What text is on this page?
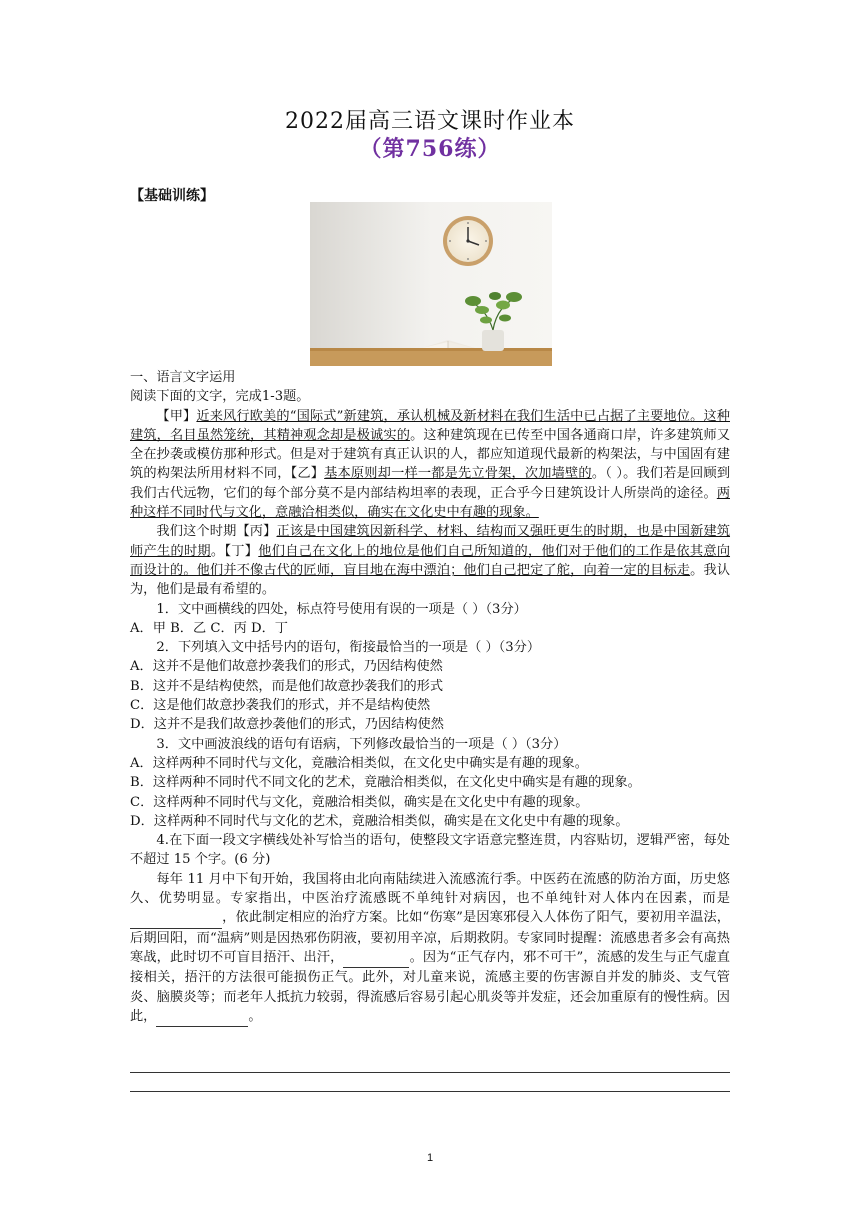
2022届高三语文课时作业本
（第756练）
【基础训练】

一、语言文字运用

阅读下面的文字，完成1-3题。

【甲】近来风行欧美的“国际式”新建筑，承认机械及新材料在我们生活中已占据了主要地位。这种建筑，名目虽然笼统，其精神观念却是极诚实的。这种建筑现在已传至中国各通商口岸，许多建筑师又全在抄袭或模仿那种形式。但是对于建筑有真正认识的人，都应知道现代最新的构架法，与中国固有建筑的构架法所用材料不同，【乙】基本原则却一样一都是先立骨架，次加墙壁的。（ ）。我们若是回顾到我们古代远物，它们的每个部分莫不是内部结构坦率的表现，正合乎今日建筑设计人所崇尚的途径。两种这样不同时代与文化，意融洽相类似，确实在文化史中有趣的现象。

我们这个时期【丙】正该是中国建筑因新科学、材料、结构而又强旺更生的时期，也是中国新建筑师产生的时期。【丁】他们自己在文化上的地位是他们自己所知道的，他们对于他们的工作是依其意向而设计的。他们并不像古代的匠师，盲目地在海中漂泊；他们自己把定了舵，向着一定的目标走。我认为，他们是最有希望的。

1．文中画横线的四处，标点符号使用有误的一项是（ ）（3分）

A．甲 B．乙 C．丙 D．丁

2．下列填入文中括号内的语句，衔接最恰当的一项是（ ）（3分）

A．这并不是他们故意抄袭我们的形式，乃因结构使然

B．这并不是结构使然，而是他们故意抄袭我们的形式

C．这是他们故意抄袭我们的形式，并不是结构使然

D．这并不是我们故意抄袭他们的形式，乃因结构使然

3．文中画波浪线的语句有语病，下列修改最恰当的一项是（ ）（3分）

A．这样两种不同时代与文化，竟融洽相类似，在文化史中确实是有趣的现象。

B．这样两种不同时代不同文化的艺术，竟融洽相类似，在文化史中确实是有趣的现象。

C．这样两种不同时代与文化，竟融洽相类似，确实是在文化史中有趣的现象。

D．这样两种不同时代与文化的艺术，竟融洽相类似，确实是在文化史中有趣的现象。

4.在下面一段文字横线处补写恰当的语句，使整段文字语意完整连贯，内容贴切，逻辑严密，每处不超过 15 个字。(6 分)

每年 11 月中下旬开始，我国将由北向南陆续进入流感流行季。中医药在流感的防治方面，历史悠久、优势明显。专家指出，中医治疗流感既不单纯针对病因，也不单纯针对人体内在因素，而是，依此制定相应的治疗方案。比如“伤寒”是因寒邪侵入人体伤了阳气，要初用辛温法，后期回阳，而“温病”则是因热邪伤阴液，要初用辛凉，后期救阴。专家同时提醒：流感患者多会有高热寒战，此时切不可盲目捂汗、出汗，	。因为“正气存内，邪不可干”，流感的发生与正气虚直接相关，捂汗的方法很可能损伤正气。此外，对儿童来说，流感主要的伤害源自并发的肺炎、支气管炎、脑膜炎等；而老年人抵抗力较弱，得流感后容易引起心肌炎等并发症，还会加重原有的慢性病。因此，	。

1
